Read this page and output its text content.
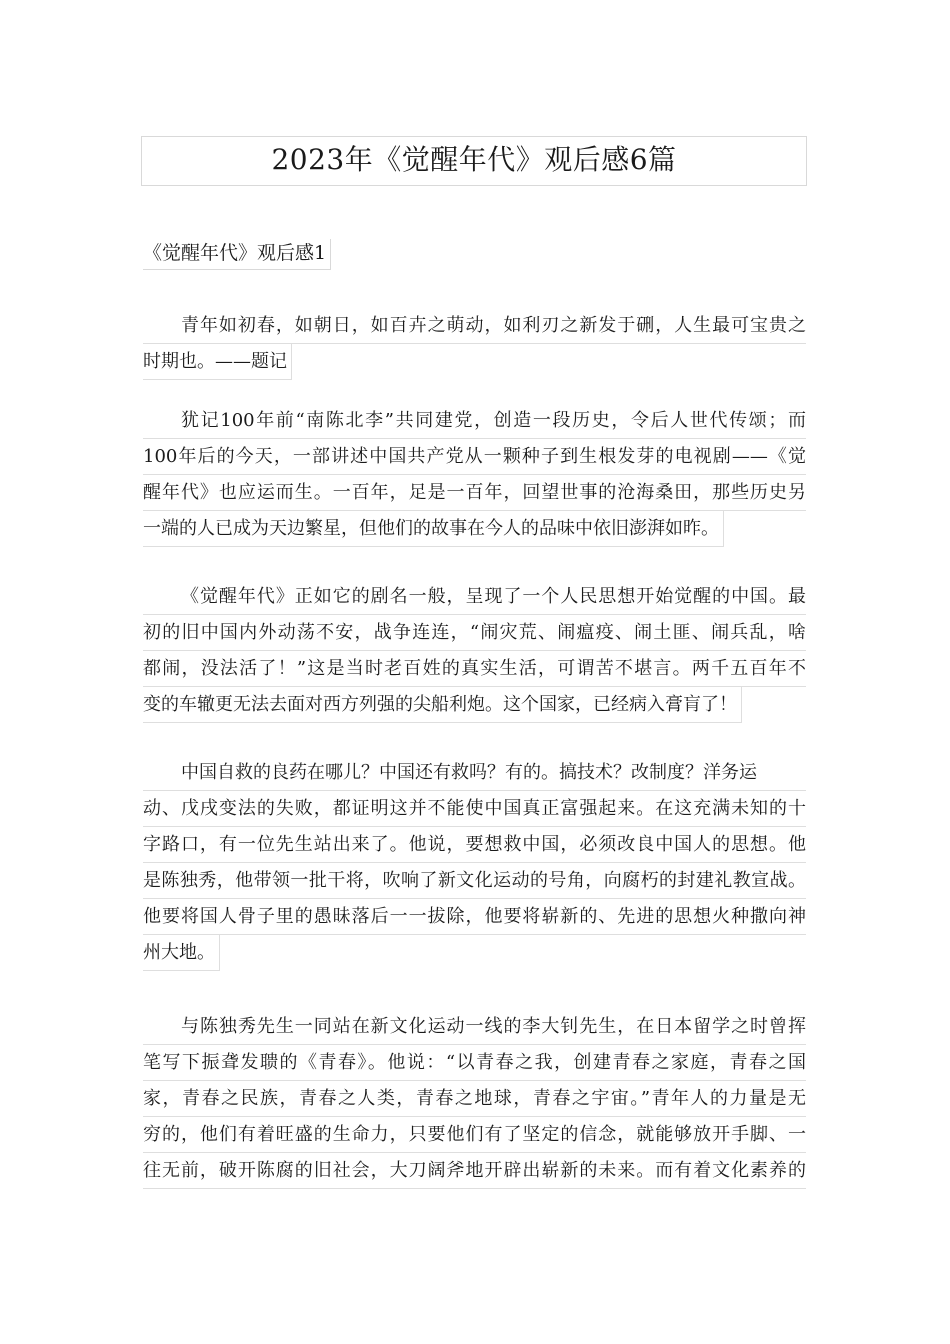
2023年《觉醒年代》观后感6篇
《觉醒年代》观后感1
青年如初春，如朝日，如百卉之萌动，如利刃之新发于硎，人生最可宝贵之
时期也。——题记
犹记100年前“南陈北李”共同建党，创造一段历史，令后人世代传颂；而
100年后的今天，一部讲述中国共产党从一颗种子到生根发芽的电视剧——《觉
醒年代》也应运而生。一百年，足是一百年，回望世事的沧海桑田，那些历史另
一端的人已成为天边繁星，但他们的故事在今人的品味中依旧澎湃如昨。
《觉醒年代》正如它的剧名一般，呈现了一个人民思想开始觉醒的中国。最
初的旧中国内外动荡不安，战争连连，“闹灾荒、闹瘟疫、闹土匪、闹兵乱，啥
都闹，没法活了！”这是当时老百姓的真实生活，可谓苦不堪言。两千五百年不
变的车辙更无法去面对西方列强的尖船利炮。这个国家，已经病入膏肓了！
中国自救的良药在哪儿？中国还有救吗？有的。搞技术？改制度？洋务运
动、戊戌变法的失败，都证明这并不能使中国真正富强起来。在这充满未知的十
字路口，有一位先生站出来了。他说，要想救中国，必须改良中国人的思想。他
是陈独秀，他带领一批干将，吹响了新文化运动的号角，向腐朽的封建礼教宣战。
他要将国人骨子里的愚昧落后一一拔除，他要将崭新的、先进的思想火种撒向神
州大地。
与陈独秀先生一同站在新文化运动一线的李大钊先生，在日本留学之时曾挥
笔写下振聋发聩的《青春》。他说：“以青春之我，创建青春之家庭，青春之国
家，青春之民族，青春之人类，青春之地球，青春之宇宙。”青年人的力量是无
穷的，他们有着旺盛的生命力，只要他们有了坚定的信念，就能够放开手脚、一
往无前，破开陈腐的旧社会，大刀阔斧地开辟出崭新的未来。而有着文化素养的
